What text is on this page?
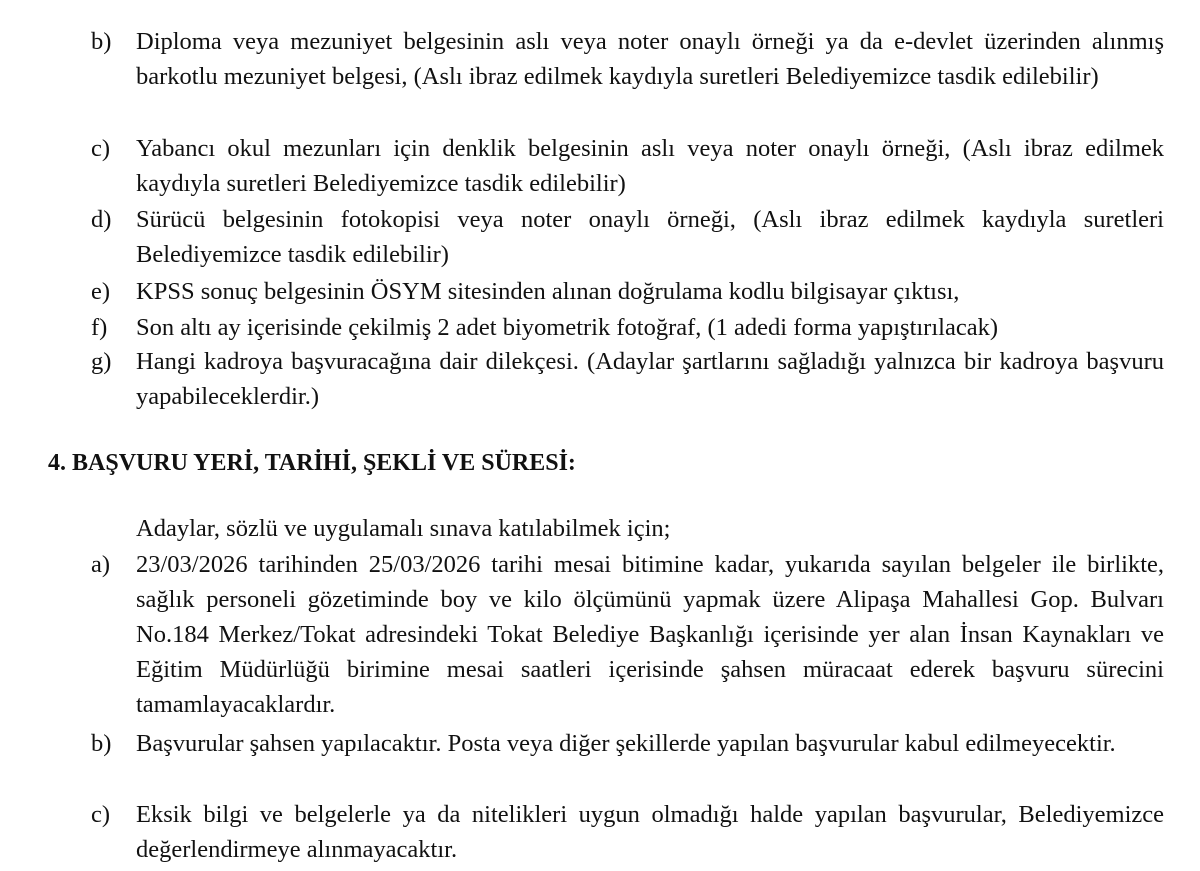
b) Diploma veya mezuniyet belgesinin aslı veya noter onaylı örneği ya da e-devlet üzerinden alınmış barkotlu mezuniyet belgesi, (Aslı ibraz edilmek kaydıyla suretleri Belediyemizce tasdik edilebilir)
c) Yabancı okul mezunları için denklik belgesinin aslı veya noter onaylı örneği, (Aslı ibraz edilmek kaydıyla suretleri Belediyemizce tasdik edilebilir)
d) Sürücü belgesinin fotokopisi veya noter onaylı örneği, (Aslı ibraz edilmek kaydıyla suretleri Belediyemizce tasdik edilebilir)
e) KPSS sonuç belgesinin ÖSYM sitesinden alınan doğrulama kodlu bilgisayar çıktısı,
f) Son altı ay içerisinde çekilmiş 2 adet biyometrik fotoğraf, (1 adedi forma yapıştırılacak)
g) Hangi kadroya başvuracağına dair dilekçesi. (Adaylar şartlarını sağladığı yalnızca bir kadroya başvuru yapabileceklerdir.)
4. BAŞVURU YERİ, TARİHİ, ŞEKLİ VE SÜRESİ:
Adaylar, sözlü ve uygulamalı sınava katılabilmek için;
a) 23/03/2026 tarihinden 25/03/2026 tarihi mesai bitimine kadar, yukarıda sayılan belgeler ile birlikte, sağlık personeli gözetiminde boy ve kilo ölçümünü yapmak üzere Alipaşa Mahallesi Gop. Bulvarı No.184 Merkez/Tokat adresindeki Tokat Belediye Başkanlığı içerisinde yer alan İnsan Kaynakları ve Eğitim Müdürlüğü birimine mesai saatleri içerisinde şahsen müracaat ederek başvuru sürecini tamamlayacaklardır.
b) Başvurular şahsen yapılacaktır. Posta veya diğer şekillerde yapılan başvurular kabul edilmeyecektir.
c) Eksik bilgi ve belgelerle ya da nitelikleri uygun olmadığı halde yapılan başvurular, Belediyemizce değerlendirmeye alınmayacaktır.
